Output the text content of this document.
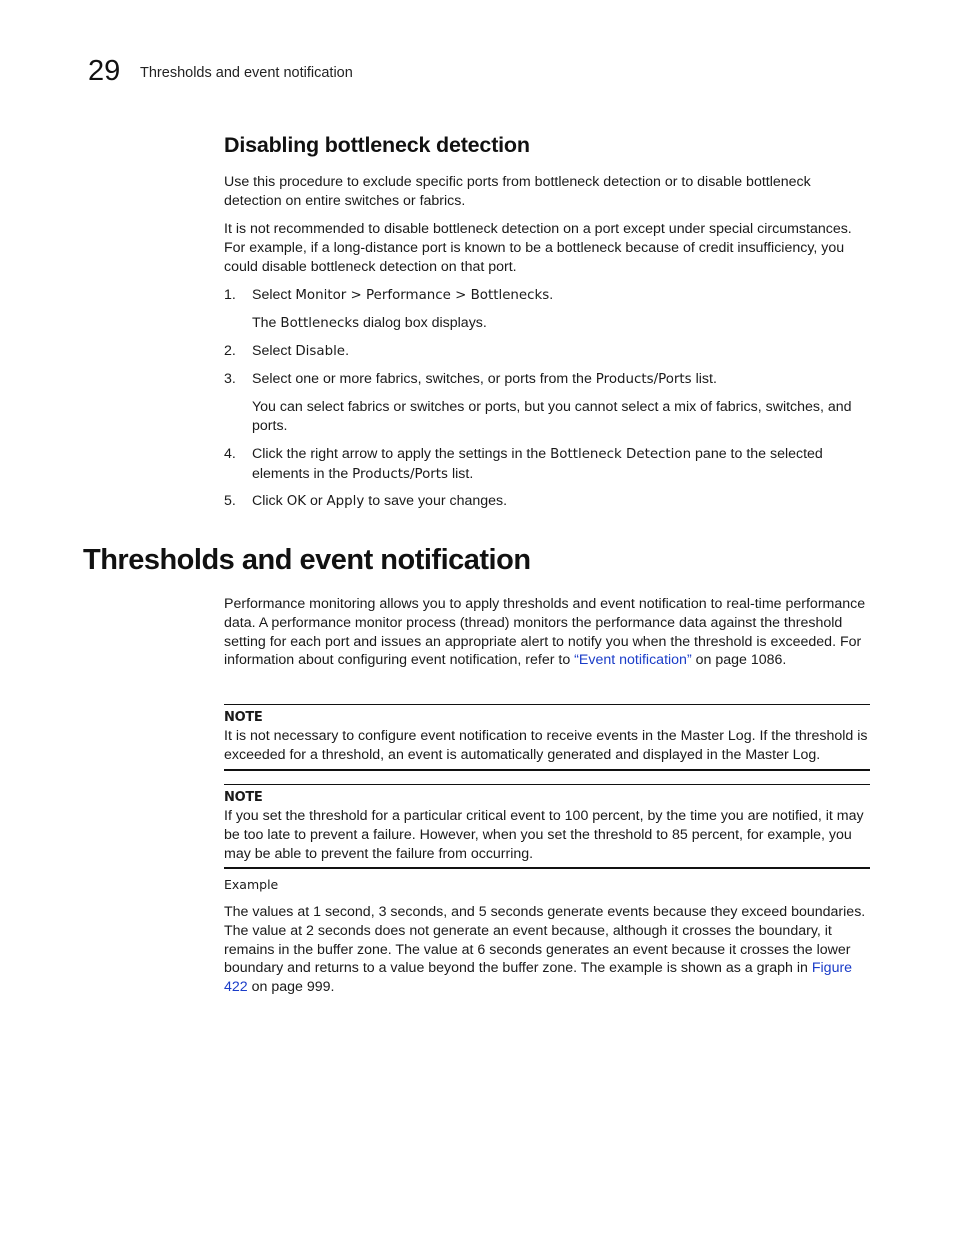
29 Thresholds and event notification
Disabling bottleneck detection

Use this procedure to exclude specific ports from bottleneck detection or to disable bottleneck detection on entire switches or fabrics.

It is not recommended to disable bottleneck detection on a port except under special circumstances. For example, if a long-distance port is known to be a bottleneck because of credit insufficiency, you could disable bottleneck detection on that port.

1. Select Monitor > Performance > Bottlenecks.
The Bottlenecks dialog box displays.
2. Select Disable.
3. Select one or more fabrics, switches, or ports from the Products/Ports list.
You can select fabrics or switches or ports, but you cannot select a mix of fabrics, switches, and ports.
4. Click the right arrow to apply the settings in the Bottleneck Detection pane to the selected elements in the Products/Ports list.
5. Click OK or Apply to save your changes.
Thresholds and event notification

Performance monitoring allows you to apply thresholds and event notification to real-time performance data. A performance monitor process (thread) monitors the performance data against the threshold setting for each port and issues an appropriate alert to notify you when the threshold is exceeded. For information about configuring event notification, refer to “Event notification” on page 1086.

NOTE

It is not necessary to configure event notification to receive events in the Master Log. If the threshold is exceeded for a threshold, an event is automatically generated and displayed in the Master Log.

NOTE

If you set the threshold for a particular critical event to 100 percent, by the time you are notified, it may be too late to prevent a failure. However, when you set the threshold to 85 percent, for example, you may be able to prevent the failure from occurring.

Example

The values at 1 second, 3 seconds, and 5 seconds generate events because they exceed boundaries. The value at 2 seconds does not generate an event because, although it crosses the boundary, it remains in the buffer zone. The value at 6 seconds generates an event because it crosses the lower boundary and returns to a value beyond the buffer zone. The example is shown as a graph in Figure 422 on page 999.
